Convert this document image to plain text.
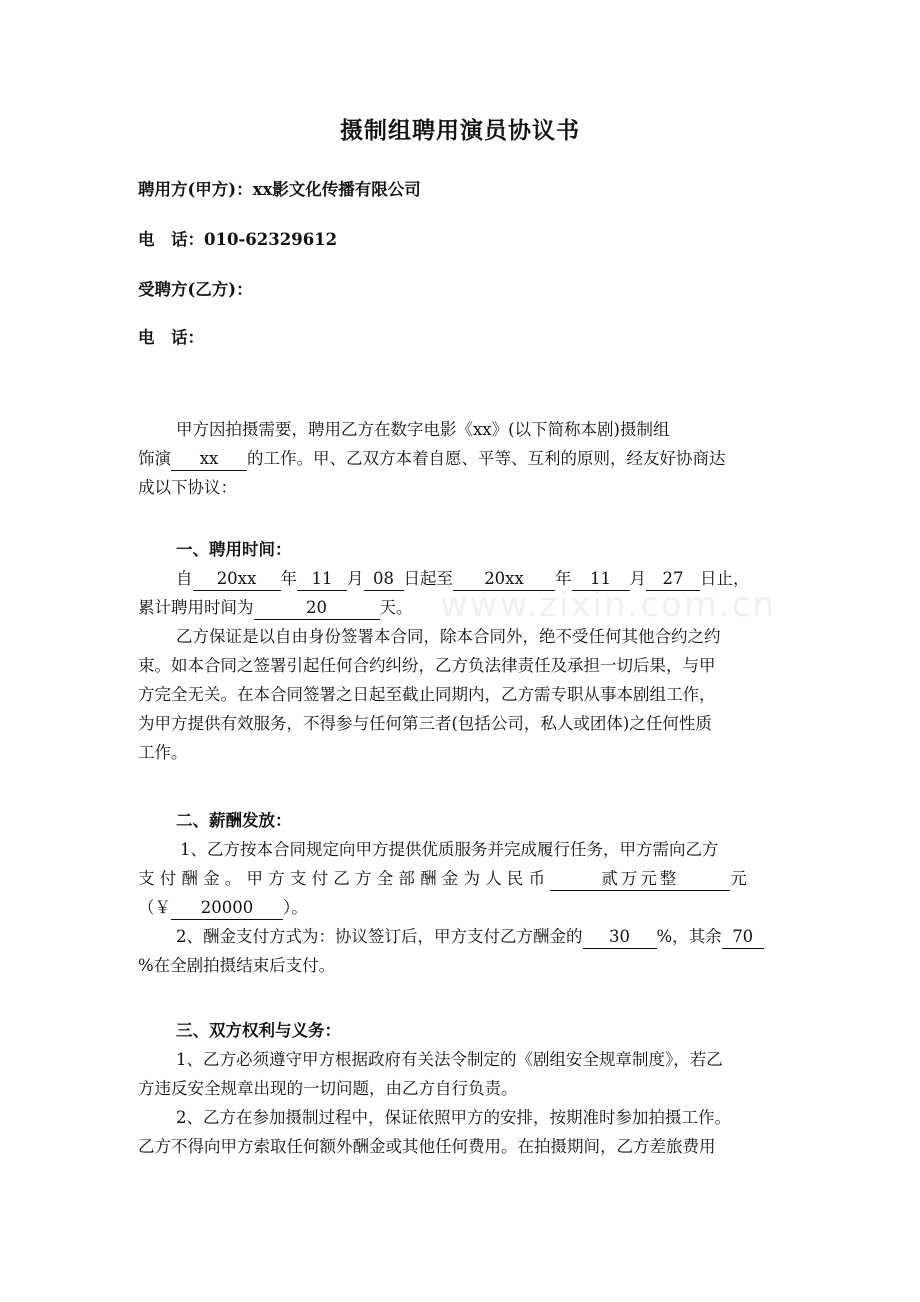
www.zixin.com.cn
摄制组聘用演员协议书
聘用方(甲方)：xx影文化传播有限公司
电　话：010-62329612
受聘方(乙方)：
电　话：
甲方因拍摄需要，聘用乙方在数字电影《xx》(以下简称本剧)摄制组
饰演 xx 的工作。甲、乙双方本着自愿、平等、互利的原则，经友好协商达
成以下协议：
一、聘用时间：
自 20xx 年 11 月 08 日起至 20xx 年 11 月 27 日止，
累计聘用时间为	20	天。
乙方保证是以自由身份签署本合同，除本合同外，绝不受任何其他合约之约
束。如本合同之签署引起任何合约纠纷，乙方负法律责任及承担一切后果，与甲
方完全无关。在本合同签署之日起至截止同期内，乙方需专职从事本剧组工作，
为甲方提供有效服务，不得参与任何第三者(包括公司，私人或团体)之任何性质
工作。
二、薪酬发放：
1、乙方按本合同规定向甲方提供优质服务并完成履行任务，甲方需向乙方
支付酬金。甲方支付乙方全部酬金为人民币	贰万元整	元
（￥ 20000 ）。
2、酬金支付方式为：协议签订后，甲方支付乙方酬金的 30 %，其余 70
%在全剧拍摄结束后支付。
三、双方权利与义务：
1、乙方必须遵守甲方根据政府有关法令制定的《剧组安全规章制度》，若乙
方违反安全规章出现的一切问题，由乙方自行负责。
2、乙方在参加摄制过程中，保证依照甲方的安排，按期准时参加拍摄工作。
乙方不得向甲方索取任何额外酬金或其他任何费用。在拍摄期间，乙方差旅费用
